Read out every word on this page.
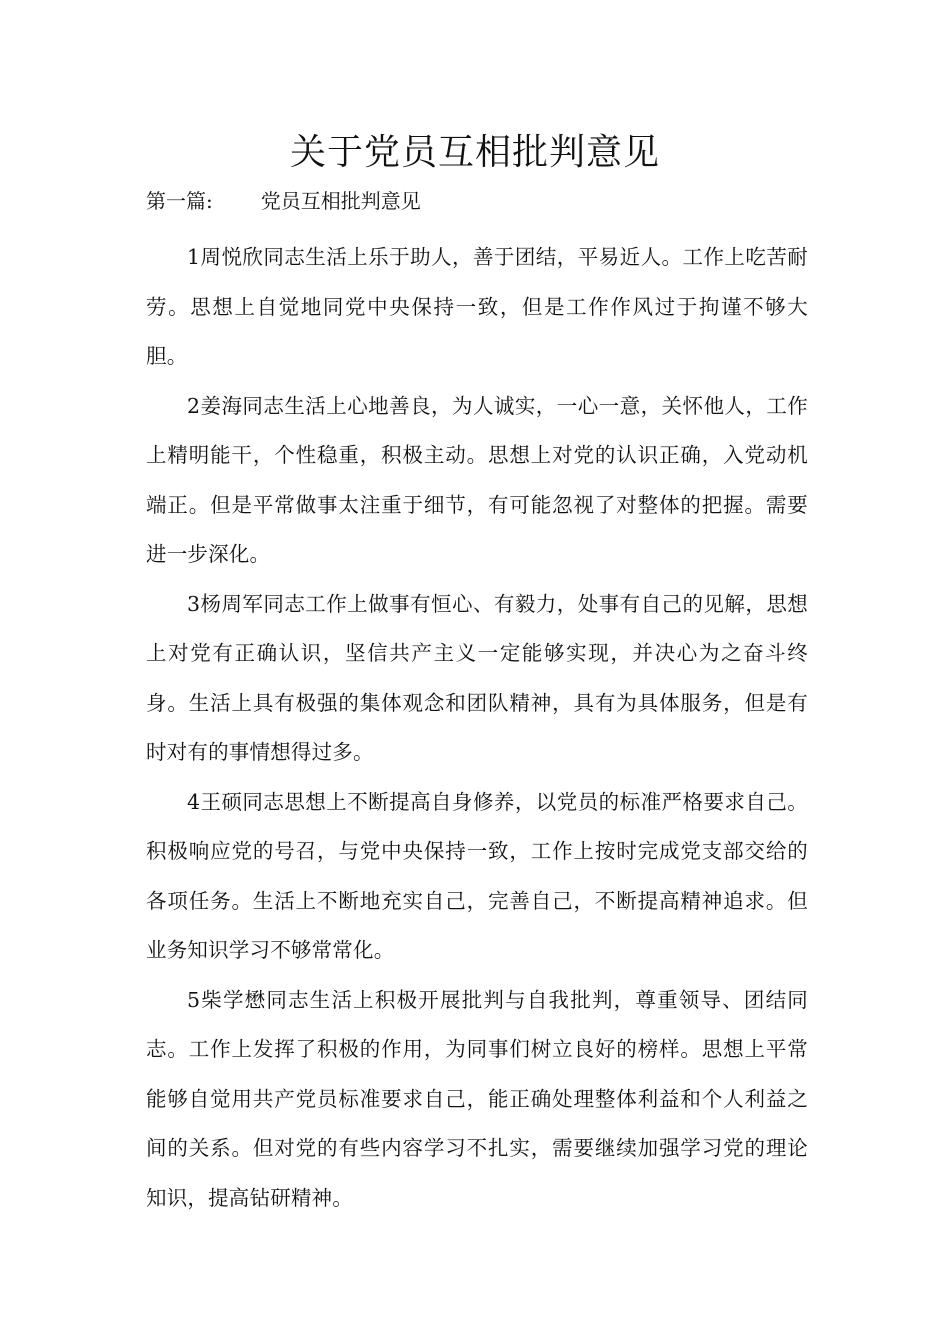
关于党员互相批判意见
第一篇: 党员互相批判意见

1周悦欣同志生活上乐于助人，善于团结，平易近人。工作上吃苦耐劳。思想上自觉地同党中央保持一致，但是工作作风过于拘谨不够大胆。

2姜海同志生活上心地善良，为人诚实，一心一意，关怀他人，工作上精明能干，个性稳重，积极主动。思想上对党的认识正确，入党动机端正。但是平常做事太注重于细节，有可能忽视了对整体的把握。需要进一步深化。

3杨周军同志工作上做事有恒心、有毅力，处事有自己的见解，思想上对党有正确认识，坚信共产主义一定能够实现，并决心为之奋斗终身。生活上具有极强的集体观念和团队精神，具有为具体服务，但是有时对有的事情想得过多。

4王硕同志思想上不断提高自身修养，以党员的标准严格要求自己。积极响应党的号召，与党中央保持一致，工作上按时完成党支部交给的各项任务。生活上不断地充实自己，完善自己，不断提高精神追求。但业务知识学习不够常常化。

5柴学懋同志生活上积极开展批判与自我批判，尊重领导、团结同志。工作上发挥了积极的作用，为同事们树立良好的榜样。思想上平常能够自觉用共产党员标准要求自己，能正确处理整体利益和个人利益之间的关系。但对党的有些内容学习不扎实，需要继续加强学习党的理论知识，提高钻研精神。
